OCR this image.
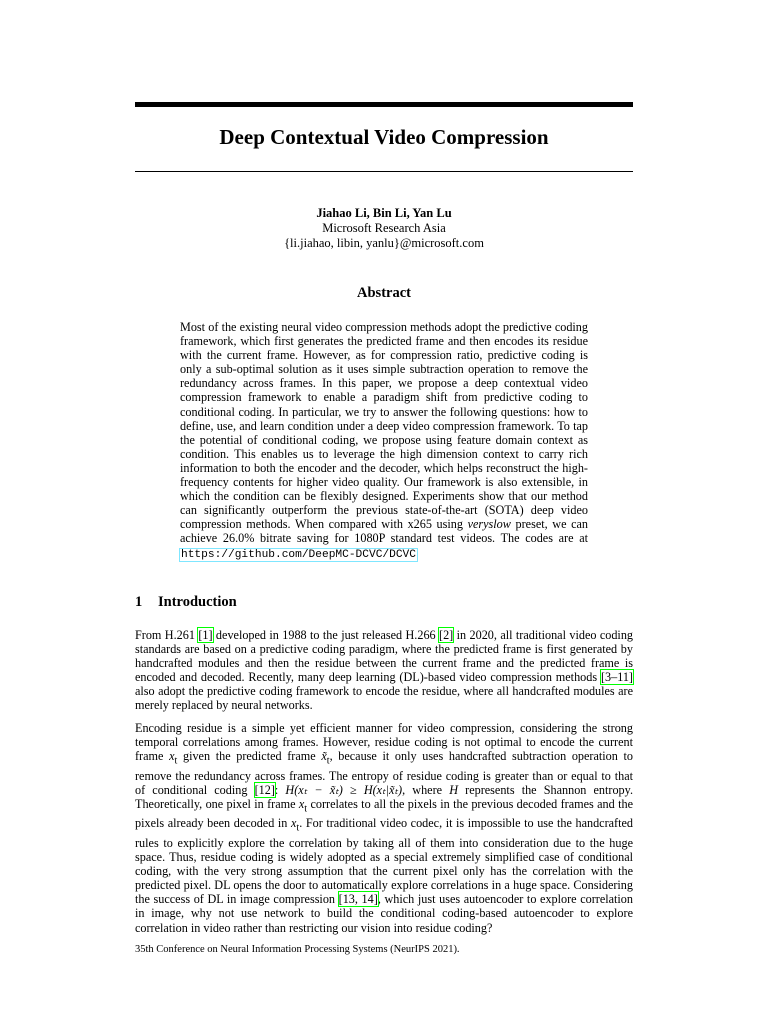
Deep Contextual Video Compression
Jiahao Li, Bin Li, Yan Lu
Microsoft Research Asia
{li.jiahao, libin, yanlu}@microsoft.com
Abstract

Most of the existing neural video compression methods adopt the predictive coding framework, which first generates the predicted frame and then encodes its residue with the current frame. However, as for compression ratio, predictive coding is only a sub-optimal solution as it uses simple subtraction operation to remove the redundancy across frames. In this paper, we propose a deep contextual video compression framework to enable a paradigm shift from predictive coding to conditional coding. In particular, we try to answer the following questions: how to define, use, and learn condition under a deep video compression framework. To tap the potential of conditional coding, we propose using feature domain context as condition. This enables us to leverage the high dimension context to carry rich information to both the encoder and the decoder, which helps reconstruct the high-frequency contents for higher video quality. Our framework is also extensible, in which the condition can be flexibly designed. Experiments show that our method can significantly outperform the previous state-of-the-art (SOTA) deep video compression methods. When compared with x265 using veryslow preset, we can achieve 26.0% bitrate saving for 1080P standard test videos. The codes are at https://github.com/DeepMC-DCVC/DCVC

1 Introduction

From H.261 [1] developed in 1988 to the just released H.266 [2] in 2020, all traditional video coding standards are based on a predictive coding paradigm, where the predicted frame is first generated by handcrafted modules and then the residue between the current frame and the predicted frame is encoded and decoded. Recently, many deep learning (DL)-based video compression methods [3–11] also adopt the predictive coding framework to encode the residue, where all handcrafted modules are merely replaced by neural networks.

Encoding residue is a simple yet efficient manner for video compression, considering the strong temporal correlations among frames. However, residue coding is not optimal to encode the current frame $x_t$ given the predicted frame $x̃_t$, because it only uses handcrafted subtraction operation to remove the redundancy across frames. The entropy of residue coding is greater than or equal to that of conditional coding [12]: H(xₜ − x̃ₜ) ≥ H(xₜ|x̃ₜ), where H represents the Shannon entropy. Theoretically, one pixel in frame $x_t$ correlates to all the pixels in the previous decoded frames and the pixels already been decoded in $x_t$. For traditional video codec, it is impossible to use the handcrafted rules to explicitly explore the correlation by taking all of them into consideration due to the huge space. Thus, residue coding is widely adopted as a special extremely simplified case of conditional coding, with the very strong assumption that the current pixel only has the correlation with the predicted pixel. DL opens the door to automatically explore correlations in a huge space. Considering the success of DL in image compression [13, 14], which just uses autoencoder to explore correlation in image, why not use network to build the conditional coding-based autoencoder to explore correlation in video rather than restricting our vision into residue coding?

35th Conference on Neural Information Processing Systems (NeurIPS 2021).
